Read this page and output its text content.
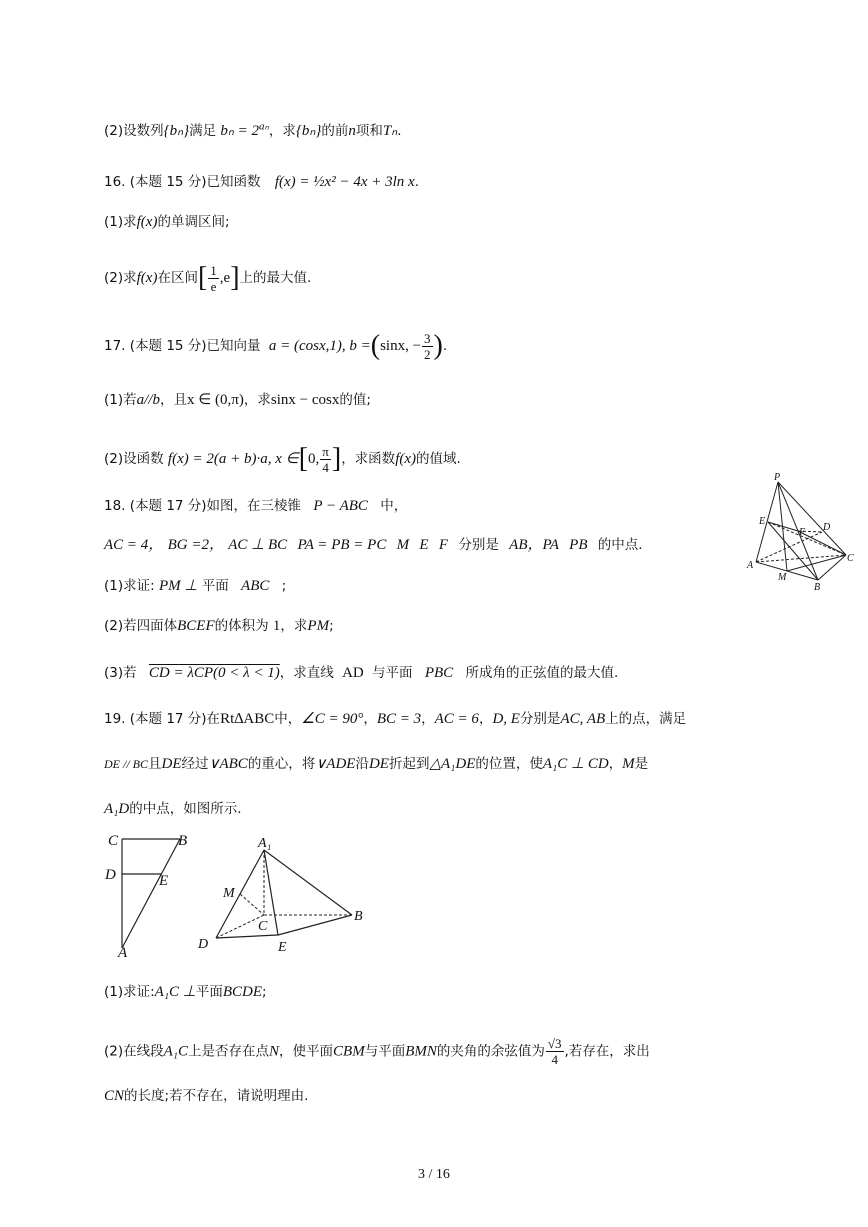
(2)设数列{bₙ}满足 $b_n = 2^{a_n}$，求{bₙ}的前n项和Tₙ.
16. (本题 15 分)已知函数 f(x) = ½x² − 4x + 3ln x.
(1)求f(x)的单调区间;
(2)求f(x)在区间[ $\frac{1}{e} ,e$]上的最大值.
17. (本题 15 分)已知向量 a = (cosx,1), b =(sinx, − $\frac{3}{2}$ ).
(1)若a//b，且x ∈ (0,π)，求sinx − cosx的值;
(2)设函数 f(x) = 2(a + b)·a, x ∈[0, $\frac{\pi}{4}$ ]，求函数f(x)的值域.
18. (本题 17 分)如图，在三棱锥 P − ABC 中，
AC = 4， BG =2， AC ⊥ BC PA = PB = PC M E F 分别是 AB，PA PB 的中点.
(1)求证: PM ⊥ 平面 ABC ;
(2)若四面体BCEF的体积为 1，求PM;
(3)若 CD = λCP(0 < λ < 1)，求直线 AD 与平面 PBC 所成角的正弦值的最大值.
P
E
F D
A
M
C
B
19. (本题 17 分)在Rt∆ABC中，∠C = 90°，BC = 3，AC = 6，D, E分别是AC, AB上的点，满足
DE // BC且DE经过∨ABC的重心，将∨ADE沿DE折起到△A₁DE的位置，使A₁C ⊥ CD，M是
A₁D的中点，如图所示.
C	B
D	E
A
A₁
M
C
B
D	E
(1)求证:A₁C ⊥平面BCDE;
(2)在线段A₁C上是否存在点N，使平面CBM与平面BMN的夹角的余弦值为 $\frac{√3}{4}$ ,若存在，求出
CN的长度;若不存在，请说明理由.
3 / 16
